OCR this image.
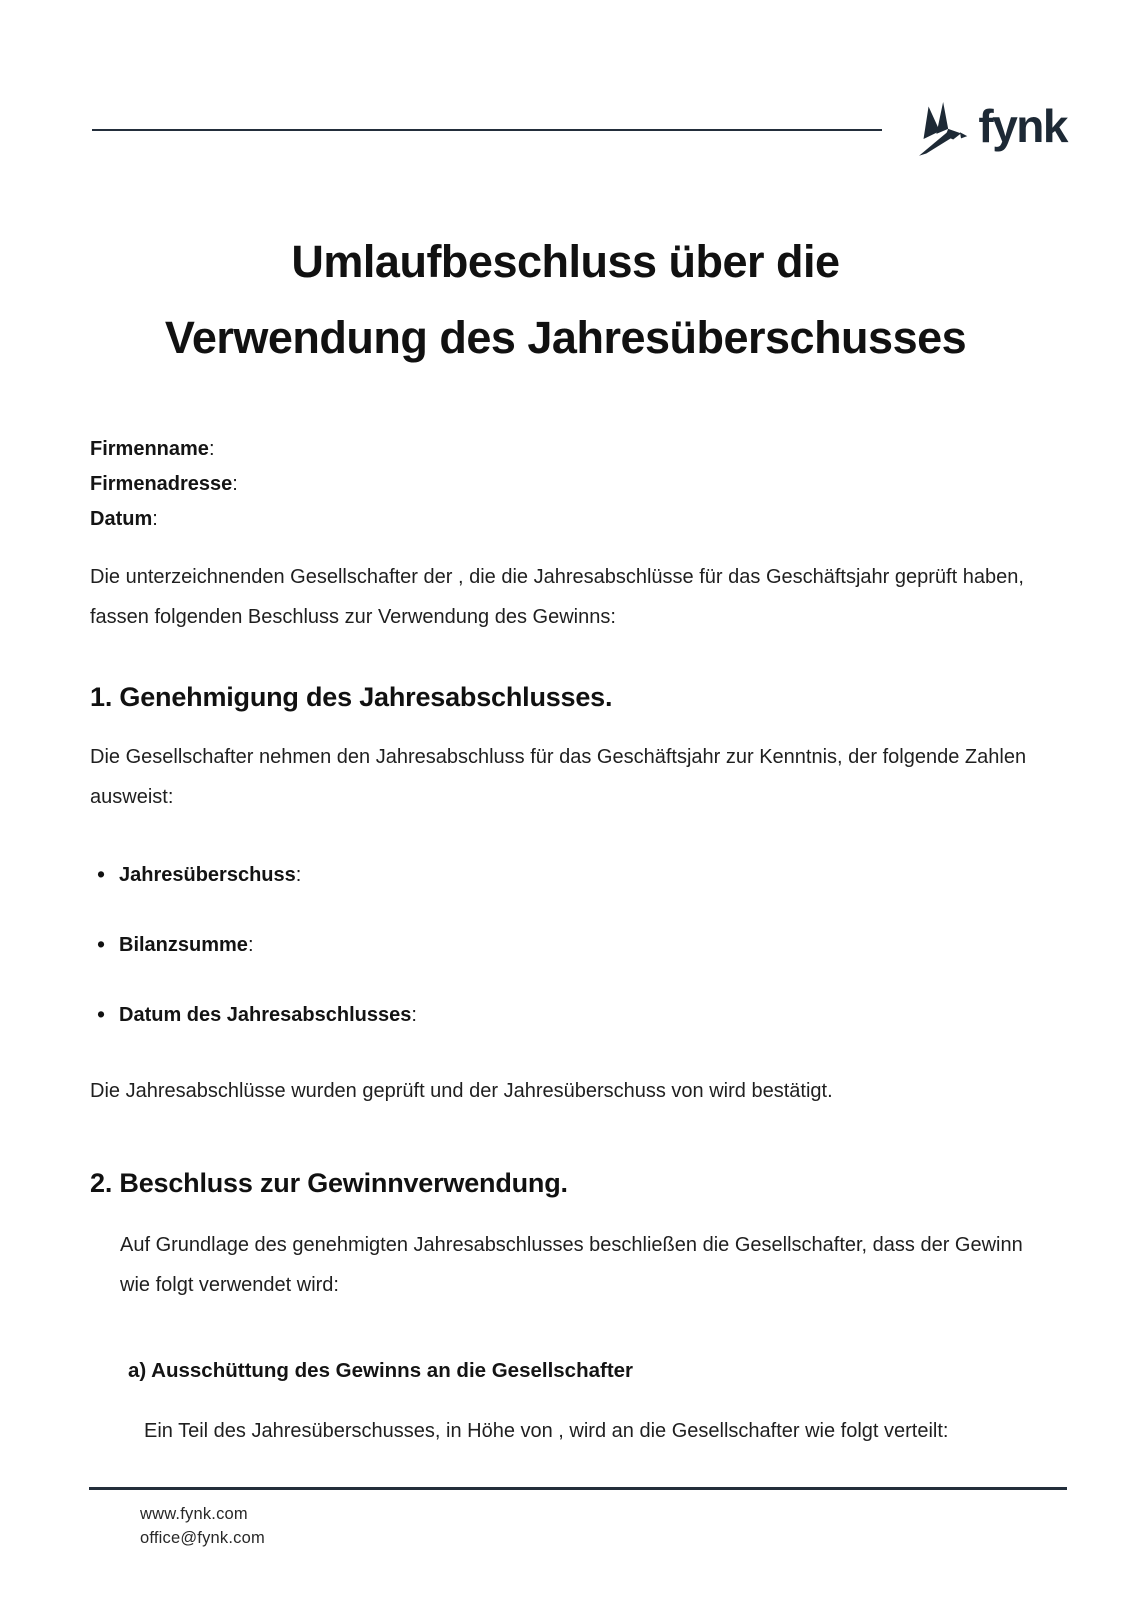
fynk
Umlaufbeschluss über die
Verwendung des Jahresüberschusses
Firmenname:
Firmenadresse:
Datum:

Die unterzeichnenden Gesellschafter der , die die Jahresabschlüsse für das Geschäftsjahr geprüft haben, fassen folgenden Beschluss zur Verwendung des Gewinns:

1. Genehmigung des Jahresabschlusses.

Die Gesellschafter nehmen den Jahresabschluss für das Geschäftsjahr zur Kenntnis, der folgende Zahlen ausweist:

• Jahresüberschuss:
• Bilanzsumme:
• Datum des Jahresabschlusses:

Die Jahresabschlüsse wurden geprüft und der Jahresüberschuss von wird bestätigt.

2. Beschluss zur Gewinnverwendung.

Auf Grundlage des genehmigten Jahresabschlusses beschließen die Gesellschafter, dass der Gewinn wie folgt verwendet wird:

a) Ausschüttung des Gewinns an die Gesellschafter

Ein Teil des Jahresüberschusses, in Höhe von , wird an die Gesellschafter wie folgt verteilt:

www.fynk.com
office@fynk.com
